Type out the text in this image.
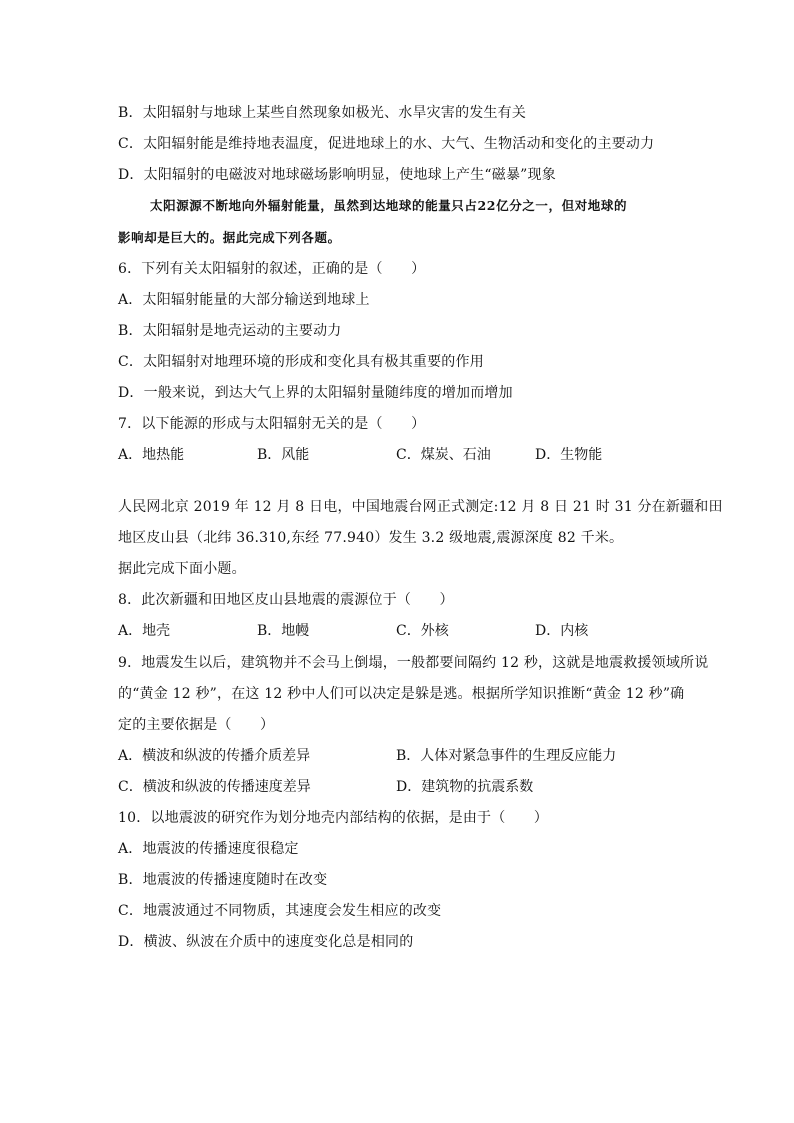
B．太阳辐射与地球上某些自然现象如极光、水旱灾害的发生有关
C．太阳辐射能是维持地表温度，促进地球上的水、大气、生物活动和变化的主要动力
D．太阳辐射的电磁波对地球磁场影响明显，使地球上产生“磁暴”现象
太阳源源不断地向外辐射能量，虽然到达地球的能量只占22亿分之一，但对地球的
影响却是巨大的。据此完成下列各题。
6．下列有关太阳辐射的叙述，正确的是（　　）
A．太阳辐射能量的大部分输送到地球上
B．太阳辐射是地壳运动的主要动力
C．太阳辐射对地理环境的形成和变化具有极其重要的作用
D．一般来说，到达大气上界的太阳辐射量随纬度的增加而增加
7．以下能源的形成与太阳辐射无关的是（　　）
A．地热能	B．风能	C．煤炭、石油	D．生物能
人民网北京 2019 年 12 月 8 日电，中国地震台网正式测定:12 月 8 日 21 时 31 分在新疆和田
地区皮山县（北纬 36.310,东经 77.940）发生 3.2 级地震,震源深度 82 千米。
据此完成下面小题。
8．此次新疆和田地区皮山县地震的震源位于（　　）
A．地壳	B．地幔	C．外核	D．内核
9．地震发生以后，建筑物并不会马上倒塌，一般都要间隔约 12 秒，这就是地震救援领域所说
的“黄金 12 秒”，在这 12 秒中人们可以决定是躲是逃。根据所学知识推断“黄金 12 秒”确
定的主要依据是（　　）
A．横波和纵波的传播介质差异	B．人体对紧急事件的生理反应能力
C．横波和纵波的传播速度差异	D．建筑物的抗震系数
10．以地震波的研究作为划分地壳内部结构的依据，是由于（　　）
A．地震波的传播速度很稳定
B．地震波的传播速度随时在改变
C．地震波通过不同物质，其速度会发生相应的改变
D．横波、纵波在介质中的速度变化总是相同的
